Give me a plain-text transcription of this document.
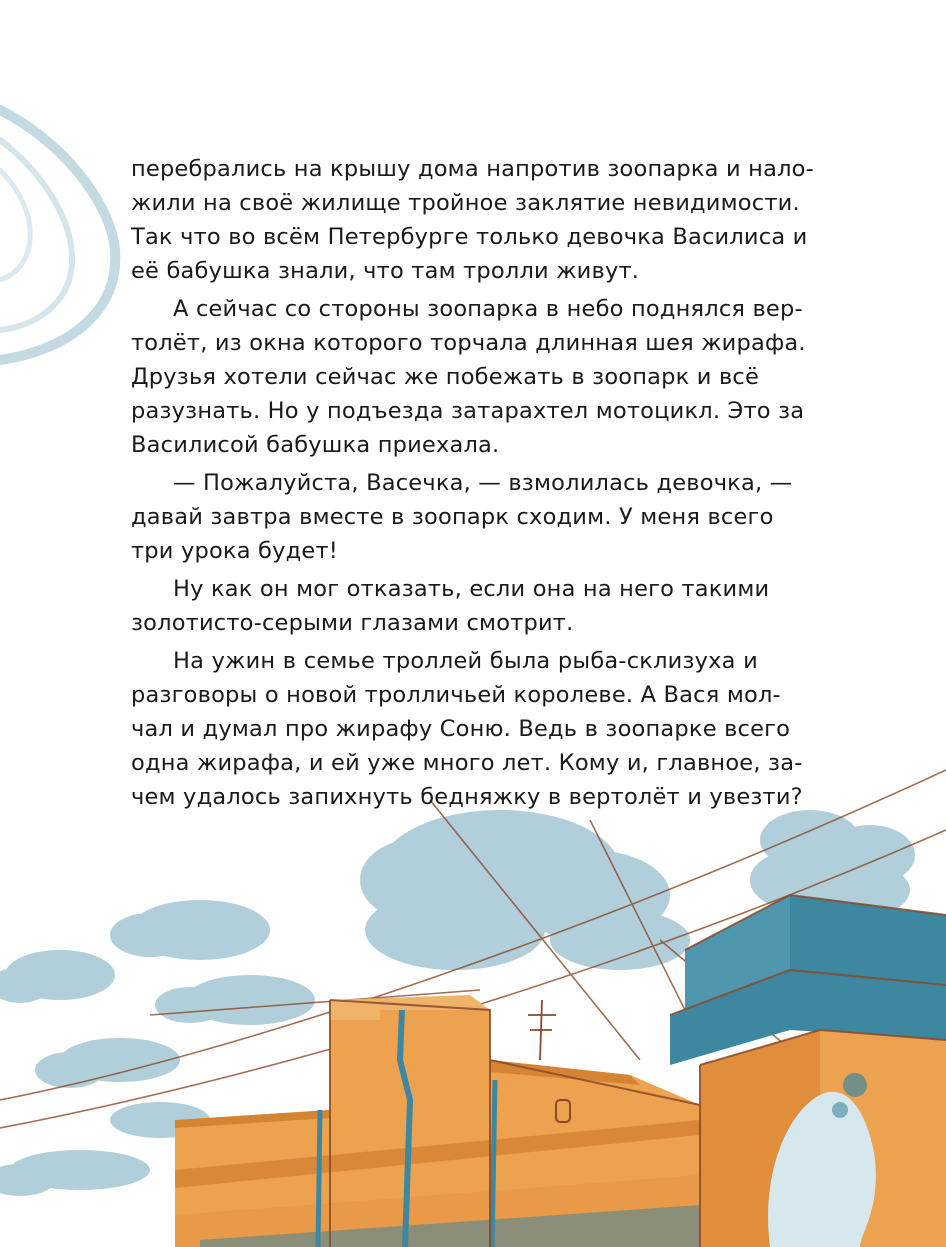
перебрались на крышу дома напротив зоопарка и нало-
жили на своё жилище тройное заклятие невидимости.
Так что во всём Петербурге только девочка Василиса и
её бабушка знали, что там тролли живут.
А сейчас со стороны зоопарка в небо поднялся вер-
толёт, из окна которого торчала длинная шея жирафа.
Друзья хотели сейчас же побежать в зоопарк и всё
разузнать. Но у подъезда затарахтел мотоцикл. Это за
Василисой бабушка приехала.
— Пожалуйста, Васечка, — взмолилась девочка, —
давай завтра вместе в зоопарк сходим. У меня всего
три урока будет!
Ну как он мог отказать, если она на него такими
золотисто-серыми глазами смотрит.
На ужин в семье троллей была рыба-склизуха и
разговоры о новой тролличьей королеве. А Вася мол-
чал и думал про жирафу Соню. Ведь в зоопарке всего
одна жирафа, и ей уже много лет. Кому и, главное, за-
чем удалось запихнуть бедняжку в вертолёт и увезти?
